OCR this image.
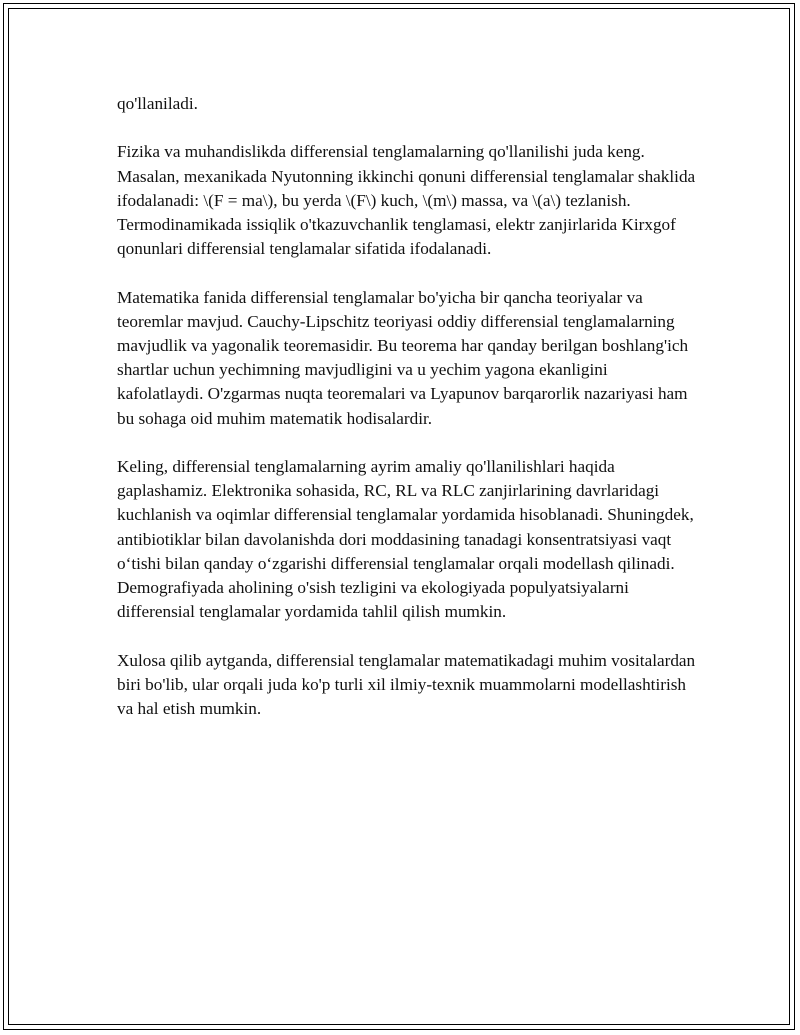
qo'llaniladi.

Fizika va muhandislikda differensial tenglamalarning qo'llanilishi juda keng. Masalan, mexanikada Nyutonning ikkinchi qonuni differensial tenglamalar shaklida ifodalanadi: \(F = ma\), bu yerda \(F\) kuch, \(m\) massa, va \(a\) tezlanish. Termodinamikada issiqlik o'tkazuvchanlik tenglamasi, elektr zanjirlarida Kirxgof qonunlari differensial tenglamalar sifatida ifodalanadi.

Matematika fanida differensial tenglamalar bo'yicha bir qancha teoriyalar va teoremlar mavjud. Cauchy-Lipschitz teoriyasi oddiy differensial tenglamalarning mavjudlik va yagonalik teoremasidir. Bu teorema har qanday berilgan boshlang'ich shartlar uchun yechimning mavjudligini va u yechim yagona ekanligini kafolatlaydi. O'zgarmas nuqta teoremalari va Lyapunov barqarorlik nazariyasi ham bu sohaga oid muhim matematik hodisalardir.

Keling, differensial tenglamalarning ayrim amaliy qo'llanilishlari haqida gaplashamiz. Elektronika sohasida, RC, RL va RLC zanjirlarining davrlaridagi kuchlanish va oqimlar differensial tenglamalar yordamida hisoblanadi. Shuningdek, antibiotiklar bilan davolanishda dori moddasining tanadagi konsentratsiyasi vaqt o‘tishi bilan qanday o‘zgarishi differensial tenglamalar orqali modellash qilinadi. Demografiyada aholining o'sish tezligini va ekologiyada populyatsiyalarni differensial tenglamalar yordamida tahlil qilish mumkin.

Xulosa qilib aytganda, differensial tenglamalar matematikadagi muhim vositalardan biri bo'lib, ular orqali juda ko'p turli xil ilmiy-texnik muammolarni modellashtirish va hal etish mumkin.
